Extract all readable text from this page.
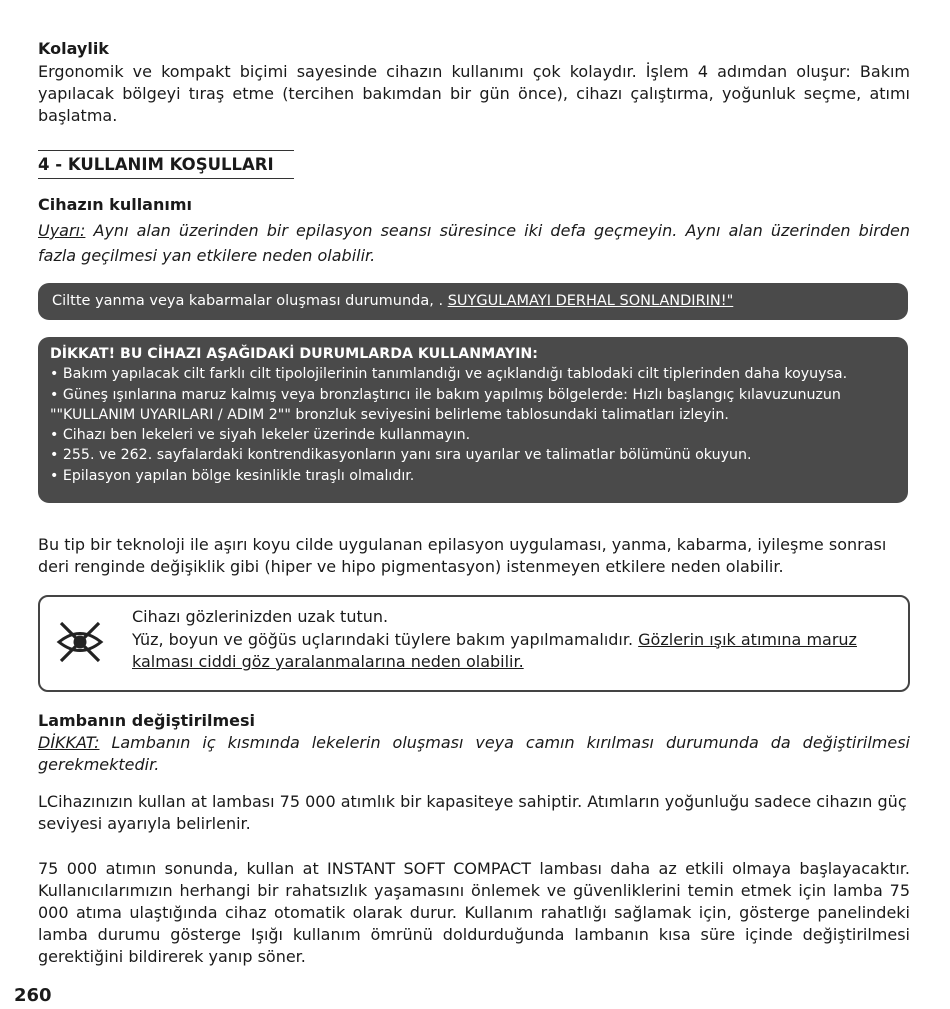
Kolaylik

Ergonomik ve kompakt biçimi sayesinde cihazın kullanımı çok kolaydır. İşlem 4 adımdan oluşur: Bakım yapılacak bölgeyi tıraş etme (tercihen bakımdan bir gün önce), cihazı çalıştırma, yoğunluk seçme, atımı başlatma.

4 - KULLANIM KOŞULLARI

Cihazın kullanımı

Uyarı: Aynı alan üzerinden bir epilasyon seansı süresince iki defa geçmeyin. Aynı alan üzerinden birden fazla geçilmesi yan etkilere neden olabilir.

Ciltte yanma veya kabarmalar oluşması durumunda, . SUYGULAMAYI DERHAL SONLANDIRIN!"

DİKKAT! BU CİHAZI AŞAĞIDAKİ DURUMLARDA KULLANMAYIN:

• Bakım yapılacak cilt farklı cilt tipolojilerinin tanımlandığı ve açıklandığı tablodaki cilt tiplerinden daha koyuysa.

• Güneş ışınlarına maruz kalmış veya bronzlaştırıcı ile bakım yapılmış bölgelerde: Hızlı başlangıç kılavuzunuzun ""KULLANIM UYARILARI / ADIM 2"" bronzluk seviyesini belirleme tablosundaki talimatları izleyin.

• Cihazı ben lekeleri ve siyah lekeler üzerinde kullanmayın.

• 255. ve 262. sayfalardaki kontrendikasyonların yanı sıra uyarılar ve talimatlar bölümünü okuyun.

• Epilasyon yapılan bölge kesinlikle tıraşlı olmalıdır.

Bu tip bir teknoloji ile aşırı koyu cilde uygulanan epilasyon uygulaması, yanma, kabarma, iyileşme sonrası deri renginde değişiklik gibi (hiper ve hipo pigmentasyon) istenmeyen etkilere neden olabilir.

Cihazı gözlerinizden uzak tutun.

Yüz, boyun ve göğüs uçlarındaki tüylere bakım yapılmamalıdır. Gözlerin ışık atımına maruz kalması ciddi göz yaralanmalarına neden olabilir.

Lambanın değiştirilmesi

DİKKAT: Lambanın iç kısmında lekelerin oluşması veya camın kırılması durumunda da değiştirilmesi gerekmektedir.

LCihazınızın kullan at lambası 75 000 atımlık bir kapasiteye sahiptir. Atımların yoğunluğu sadece cihazın güç seviyesi ayarıyla belirlenir.

75 000 atımın sonunda, kullan at INSTANT SOFT COMPACT lambası daha az etkili olmaya başlayacaktır. Kullanıcılarımızın herhangi bir rahatsızlık yaşamasını önlemek ve güvenliklerini temin etmek için lamba 75 000 atıma ulaştığında cihaz otomatik olarak durur. Kullanım rahatlığı sağlamak için, gösterge panelindeki lamba durumu gösterge Işığı kullanım ömrünü doldurduğunda lambanın kısa süre içinde değiştirilmesi gerektiğini bildirerek yanıp söner.

260
